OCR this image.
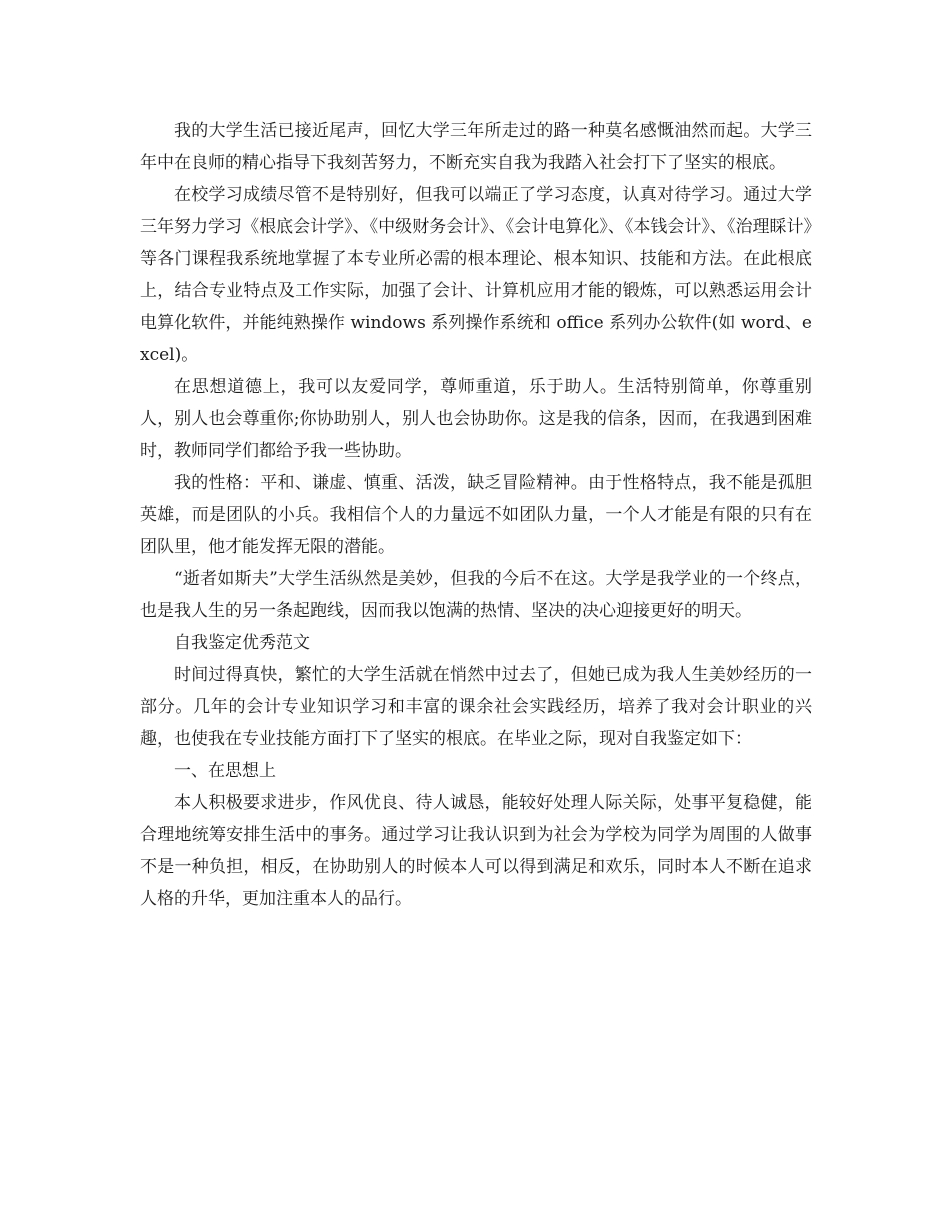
我的大学生活已接近尾声，回忆大学三年所走过的路一种莫名感慨油然而起。大学三年中在良师的精心指导下我刻苦努力，不断充实自我为我踏入社会打下了坚实的根底。

在校学习成绩尽管不是特别好，但我可以端正了学习态度，认真对待学习。通过大学三年努力学习《根底会计学》、《中级财务会计》、《会计电算化》、《本钱会计》、《治理睬计》等各门课程我系统地掌握了本专业所必需的根本理论、根本知识、技能和方法。在此根底上，结合专业特点及工作实际，加强了会计、计算机应用才能的锻炼，可以熟悉运用会计电算化软件，并能纯熟操作 windows 系列操作系统和 office 系列办公软件(如 word、excel)。

在思想道德上，我可以友爱同学，尊师重道，乐于助人。生活特别简单，你尊重别人，别人也会尊重你;你协助别人，别人也会协助你。这是我的信条，因而，在我遇到困难时，教师同学们都给予我一些协助。

我的性格：平和、谦虚、慎重、活泼，缺乏冒险精神。由于性格特点，我不能是孤胆英雄，而是团队的小兵。我相信个人的力量远不如团队力量，一个人才能是有限的只有在团队里，他才能发挥无限的潜能。

“逝者如斯夫”大学生活纵然是美妙，但我的今后不在这。大学是我学业的一个终点，也是我人生的另一条起跑线，因而我以饱满的热情、坚决的决心迎接更好的明天。

自我鉴定优秀范文

时间过得真快，繁忙的大学生活就在悄然中过去了，但她已成为我人生美妙经历的一部分。几年的会计专业知识学习和丰富的课余社会实践经历，培养了我对会计职业的兴趣，也使我在专业技能方面打下了坚实的根底。在毕业之际，现对自我鉴定如下：

一、在思想上

本人积极要求进步，作风优良、待人诚恳，能较好处理人际关际，处事平复稳健，能合理地统筹安排生活中的事务。通过学习让我认识到为社会为学校为同学为周围的人做事不是一种负担，相反，在协助别人的时候本人可以得到满足和欢乐，同时本人不断在追求人格的升华，更加注重本人的品行。
